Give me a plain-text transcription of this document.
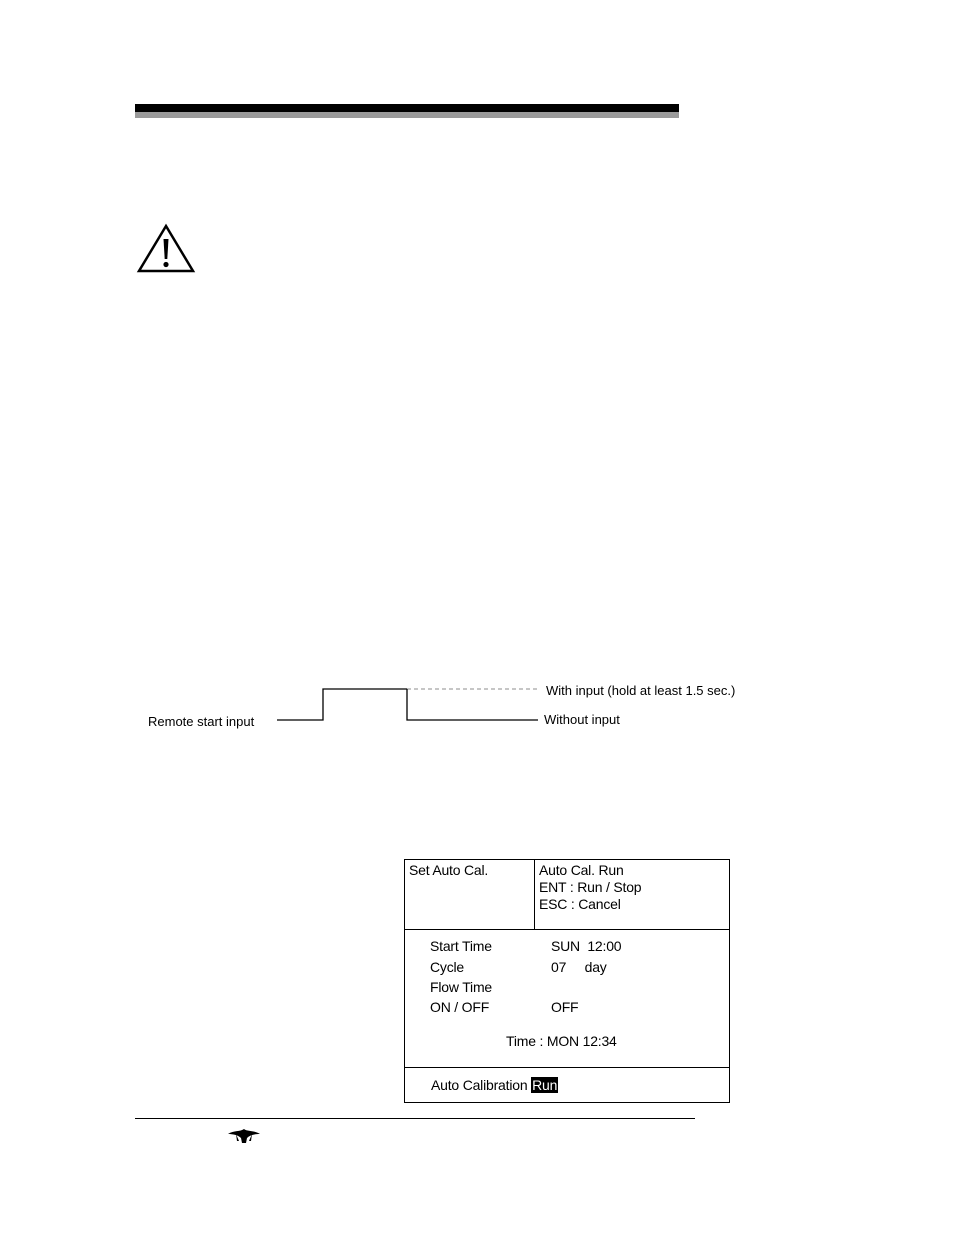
Remote start input
With input (hold at least 1.5 sec.)
Without input
Set Auto Cal.	Auto Cal. Run
ENT : Run / Stop
ESC : Cancel
Start Time	SUN  12:00
Cycle	07     day
Flow Time
ON / OFF	OFF
Time : MON 12:34
Auto Calibration Run
